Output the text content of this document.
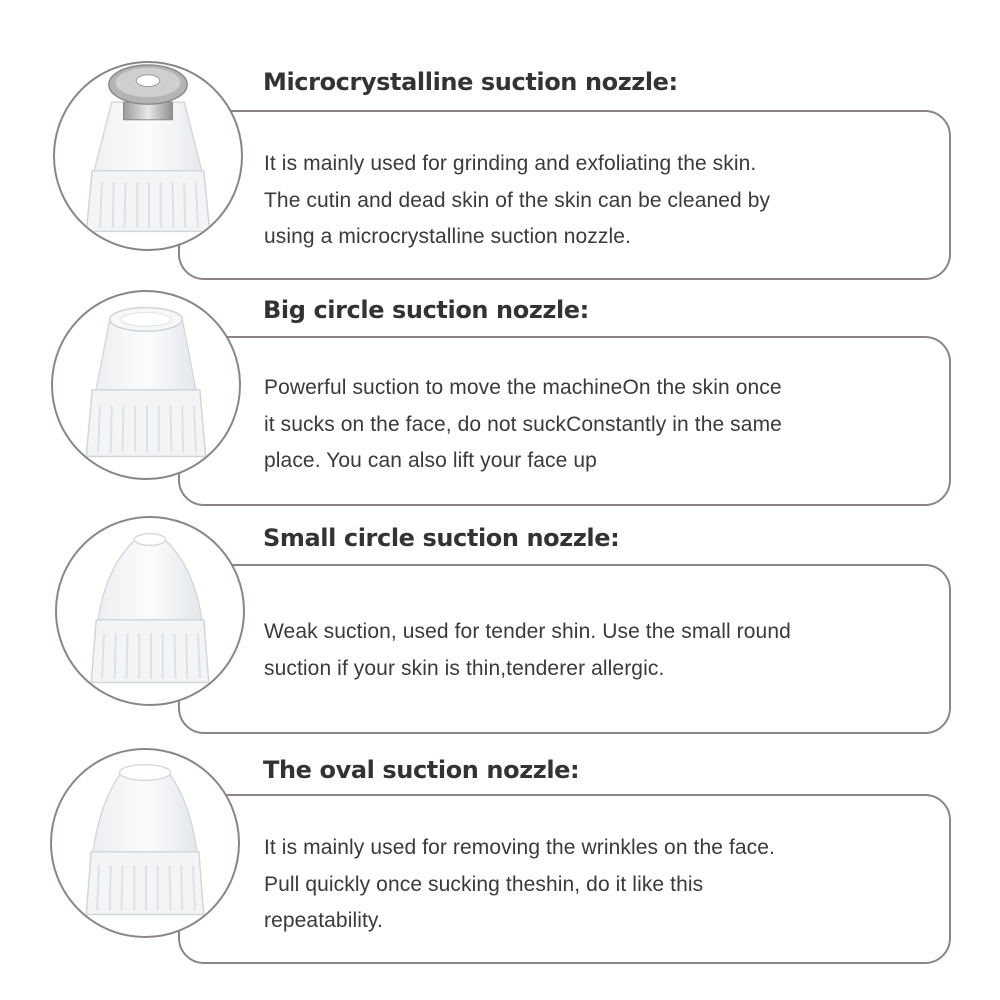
It is mainly used for grinding and exfoliating the skin.
The cutin and dead skin of the skin can be cleaned by
using a microcrystalline suction nozzle.
Microcrystalline suction nozzle:
Powerful suction to move the machineOn the skin once
it sucks on the face, do not suckConstantly in the same
place. You can also lift your face up
Big circle suction nozzle:
Weak suction, used for tender shin. Use the small round
suction if your skin is thin,tenderer allergic.
Small circle suction nozzle:
It is mainly used for removing the wrinkles on the face.
Pull quickly once sucking theshin, do it like this
repeatability.
The oval suction nozzle:
